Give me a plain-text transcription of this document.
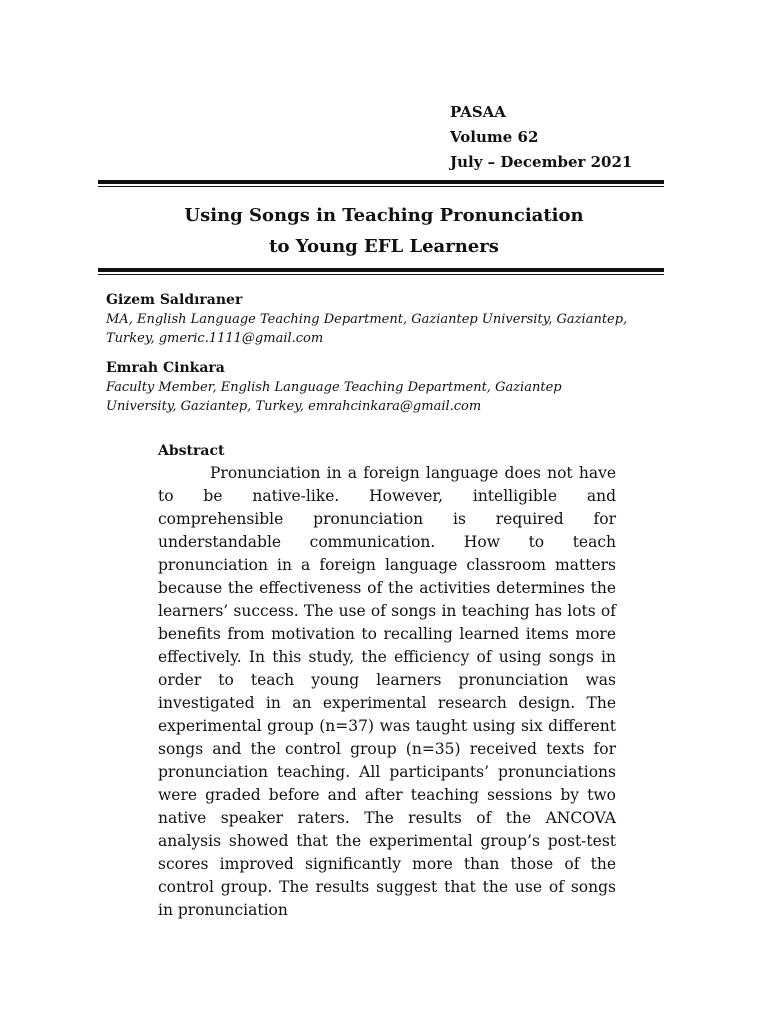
PASAA
Volume 62
July – December 2021
Using Songs in Teaching Pronunciation
to Young EFL Learners
Gizem Saldıraner
MA, English Language Teaching Department, Gaziantep University, Gaziantep,
Turkey, gmeric.1111@gmail.com
Emrah Cinkara
Faculty Member, English Language Teaching Department, Gaziantep
University, Gaziantep, Turkey, emrahcinkara@gmail.com
Abstract
Pronunciation in a foreign language does not have to be native-like. However, intelligible and comprehensible pronunciation is required for understandable communication. How to teach pronunciation in a foreign language classroom matters because the effectiveness of the activities determines the learners’ success. The use of songs in teaching has lots of benefits from motivation to recalling learned items more effectively. In this study, the efficiency of using songs in order to teach young learners pronunciation was investigated in an experimental research design. The experimental group (n=37) was taught using six different songs and the control group (n=35) received texts for pronunciation teaching. All participants’ pronunciations were graded before and after teaching sessions by two native speaker raters. The results of the ANCOVA analysis showed that the experimental group’s post-test scores improved significantly more than those of the control group. The results suggest that the use of songs in pronunciation
